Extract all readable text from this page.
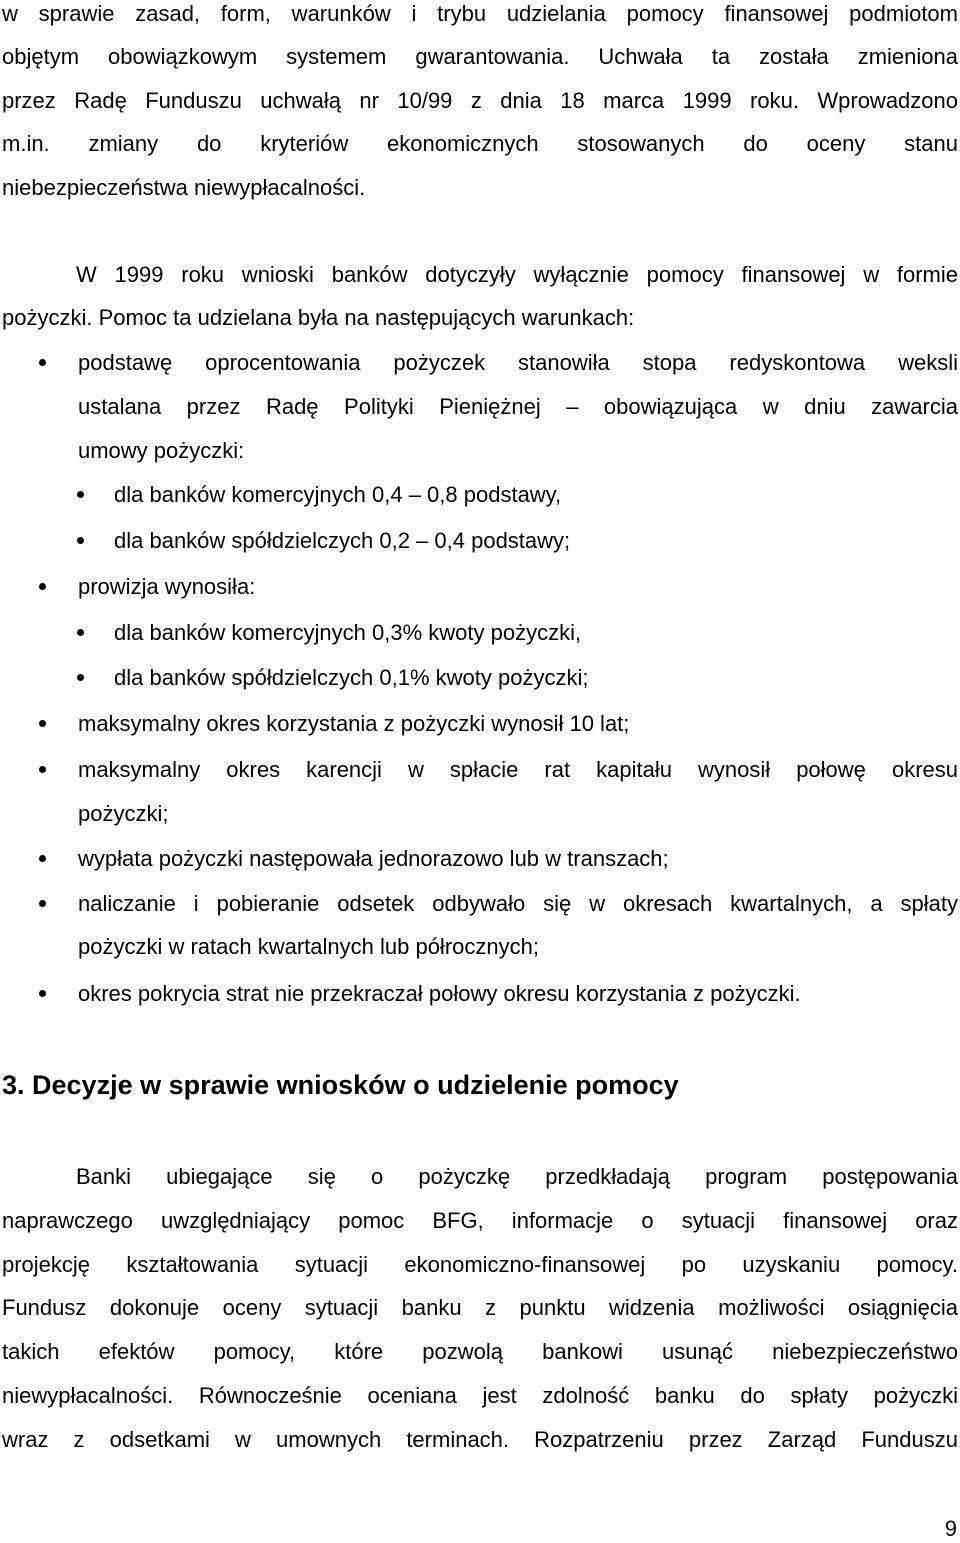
w sprawie zasad, form, warunków i trybu udzielania pomocy finansowej podmiotom
objętym obowiązkowym systemem gwarantowania. Uchwała ta została zmieniona
przez Radę Funduszu uchwałą nr 10/99 z dnia 18 marca 1999 roku. Wprowadzono
m.in. zmiany do kryteriów ekonomicznych stosowanych do oceny stanu
niebezpieczeństwa niewypłacalności.
W 1999 roku wnioski banków dotyczyły wyłącznie pomocy finansowej w formie
pożyczki. Pomoc ta udzielana była na następujących warunkach:
podstawę oprocentowania pożyczek stanowiła stopa redyskontowa weksli
ustalana przez Radę Polityki Pieniężnej – obowiązująca w dniu zawarcia
umowy pożyczki:
dla banków komercyjnych 0,4 – 0,8 podstawy,
dla banków spółdzielczych 0,2 – 0,4 podstawy;
prowizja wynosiła:
dla banków komercyjnych 0,3% kwoty pożyczki,
dla banków spółdzielczych 0,1% kwoty pożyczki;
maksymalny okres korzystania z pożyczki wynosił 10 lat;
maksymalny okres karencji w spłacie rat kapitału wynosił połowę okresu
pożyczki;
wypłata pożyczki następowała jednorazowo lub w transzach;
naliczanie i pobieranie odsetek odbywało się w okresach kwartalnych, a spłaty
pożyczki w ratach kwartalnych lub półrocznych;
okres pokrycia strat nie przekraczał połowy okresu korzystania z pożyczki.
3. Decyzje w sprawie wniosków o udzielenie pomocy
Banki ubiegające się o pożyczkę przedkładają program postępowania
naprawczego uwzględniający pomoc BFG, informacje o sytuacji finansowej oraz
projekcję kształtowania sytuacji ekonomiczno-finansowej po uzyskaniu pomocy.
Fundusz dokonuje oceny sytuacji banku z punktu widzenia możliwości osiągnięcia
takich efektów pomocy, które pozwolą bankowi usunąć niebezpieczeństwo
niewypłacalności. Równocześnie oceniana jest zdolność banku do spłaty pożyczki
wraz z odsetkami w umownych terminach. Rozpatrzeniu przez Zarząd Funduszu
9
